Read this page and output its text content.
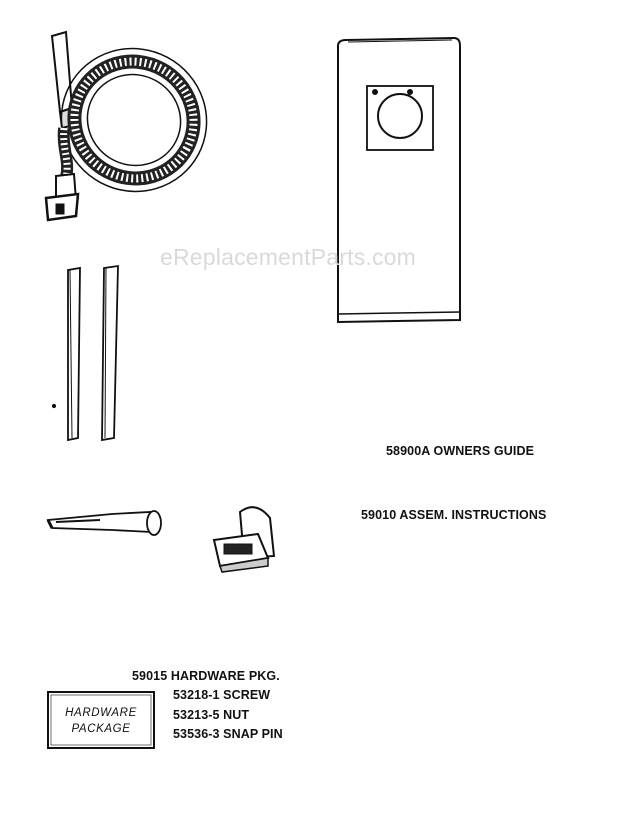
eReplacementParts.com
58900A OWNERS GUIDE
59010 ASSEM. INSTRUCTIONS
59015 HARDWARE PKG.
53218-1 SCREW
53213-5 NUT
53536-3 SNAP PIN
HARDWARE
PACKAGE
